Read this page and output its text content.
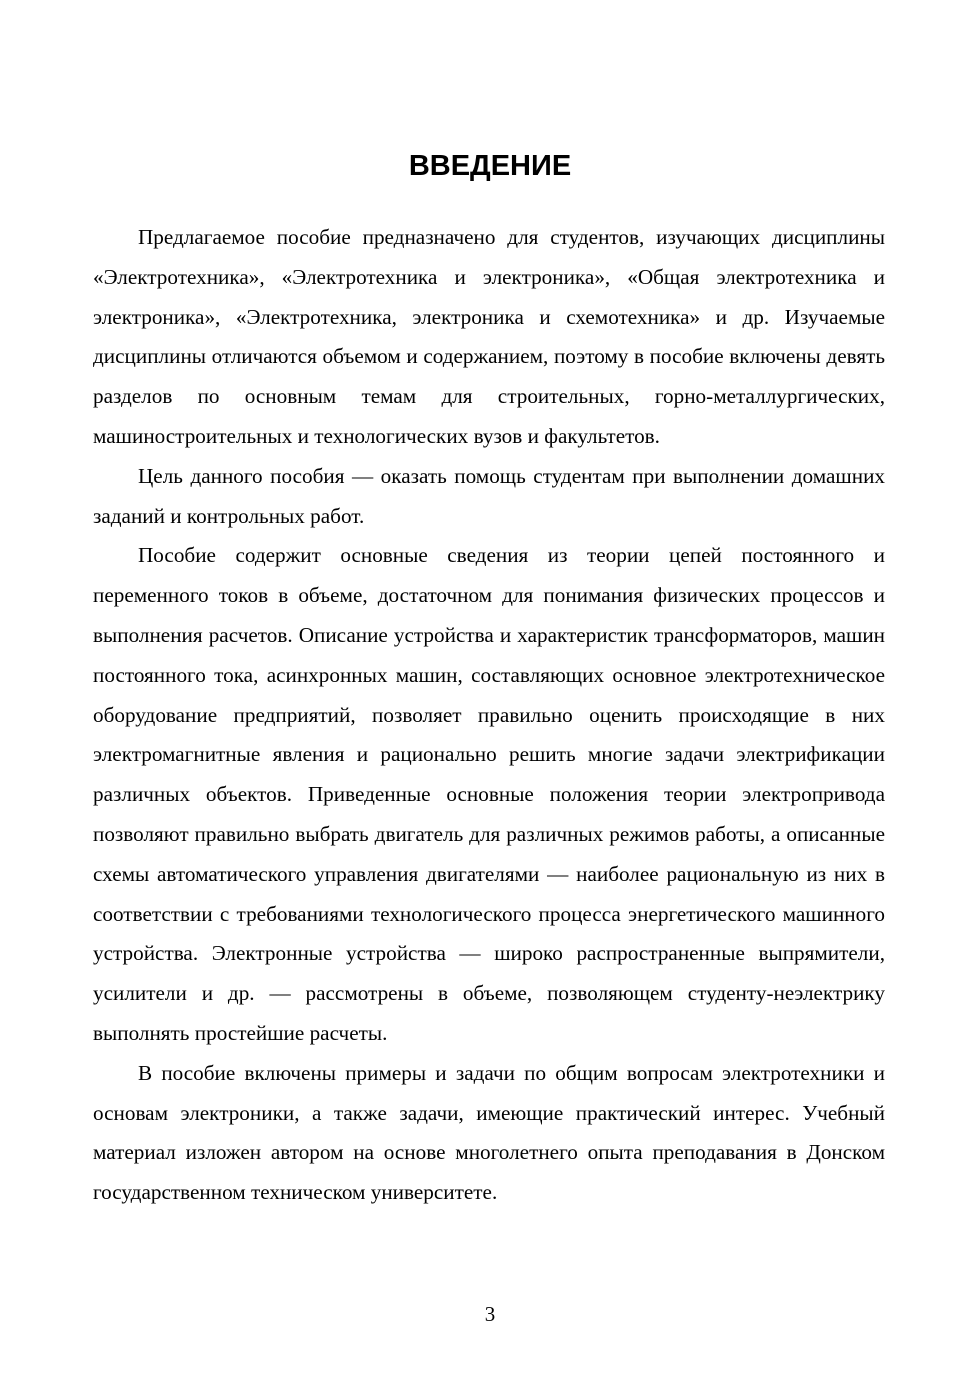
ВВЕДЕНИЕ

Предлагаемое пособие предназначено для студентов, изучающих дисциплины «Электротехника», «Электротехника и электроника», «Общая электротехника и электроника», «Электротехника, электроника и схемотехника» и др. Изучаемые дисциплины отличаются объемом и содержанием, поэтому в пособие включены девять разделов по основным темам для строительных, горно-металлургических, машиностроительных и технологических вузов и факультетов.

Цель данного пособия — оказать помощь студентам при выполнении домашних заданий и контрольных работ.

Пособие содержит основные сведения из теории цепей постоянного и переменного токов в объеме, достаточном для понимания физических процессов и выполнения расчетов. Описание устройства и характеристик трансформаторов, машин постоянного тока, асинхронных машин, составляющих основное электротехническое оборудование предприятий, позволяет правильно оценить происходящие в них электромагнитные явления и рационально решить многие задачи электрификации различных объектов. Приведенные основные положения теории электропривода позволяют правильно выбрать двигатель для различных режимов работы, а описанные схемы автоматического управления двигателями — наиболее рациональную из них в соответствии с требованиями технологического процесса энергетического машинного устройства. Электронные устройства — широко распространенные выпрямители, усилители и др. — рассмотрены в объеме, позволяющем студенту-неэлектрику выполнять простейшие расчеты.

В пособие включены примеры и задачи по общим вопросам электротехники и основам электроники, а также задачи, имеющие практический интерес. Учебный материал изложен автором на основе многолетнего опыта преподавания в Донском государственном техническом университете.

3
